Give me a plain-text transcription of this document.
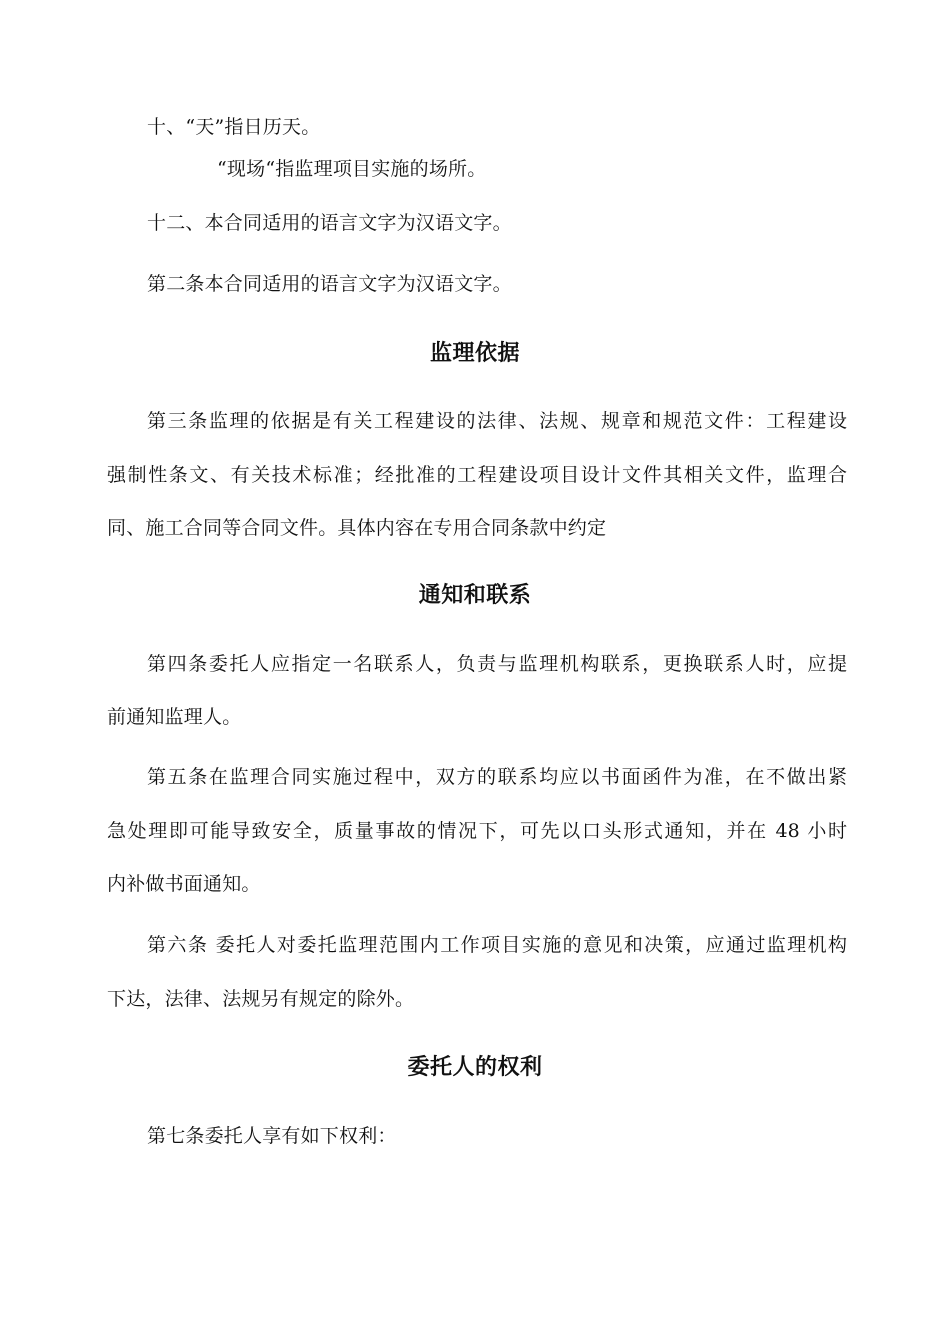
十、“天”指日历天。
“现场“指监理项目实施的场所。
十二、本合同适用的语言文字为汉语文字。
第二条本合同适用的语言文字为汉语文字。
监理依据
第三条监理的依据是有关工程建设的法律、法规、规章和规范文件：工程建设
强制性条文、有关技术标准；经批准的工程建设项目设计文件其相关文件，监理合
同、施工合同等合同文件。具体内容在专用合同条款中约定
通知和联系
第四条委托人应指定一名联系人，负责与监理机构联系，更换联系人时，应提
前通知监理人。
第五条在监理合同实施过程中，双方的联系均应以书面函件为准，在不做出紧
急处理即可能导致安全，质量事故的情况下，可先以口头形式通知，并在 48 小时
内补做书面通知。
第六条 委托人对委托监理范围内工作项目实施的意见和决策，应通过监理机构
下达，法律、法规另有规定的除外。
委托人的权利
第七条委托人享有如下权利：
